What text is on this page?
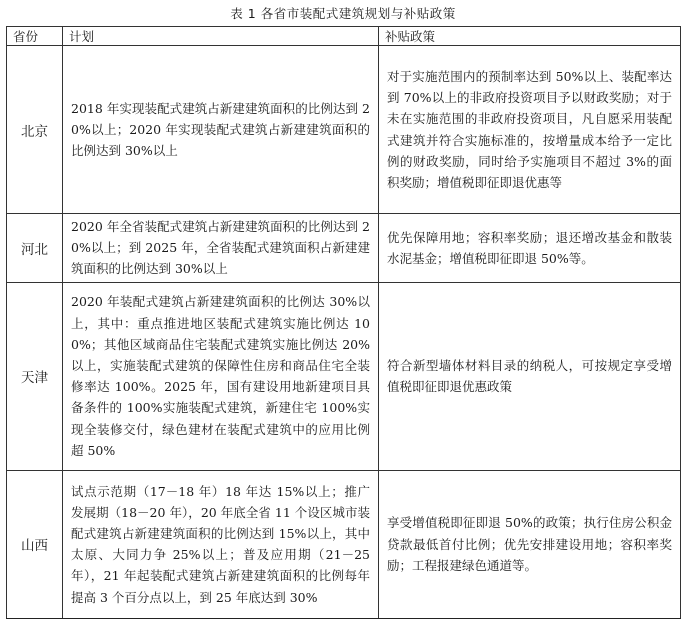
表 1 各省市装配式建筑规划与补贴政策
省份	计划	补贴政策
北京	2018 年实现装配式建筑占新建建筑面积的比例达到 20%以上；2020 年实现装配式建筑占新建建筑面积的比例达到 30%以上	对于实施范围内的预制率达到 50%以上、装配率达到 70%以上的非政府投资项目予以财政奖励；对于未在实施范围的非政府投资项目，凡自愿采用装配式建筑并符合实施标准的，按增量成本给予一定比例的财政奖励，同时给予实施项目不超过 3%的面积奖励；增值税即征即退优惠等
河北	2020 年全省装配式建筑占新建建筑面积的比例达到 20%以上；到 2025 年，全省装配式建筑面积占新建建筑面积的比例达到 30%以上	优先保障用地；容积率奖励；退还增改基金和散装水泥基金；增值税即征即退 50%等。
天津	2020 年装配式建筑占新建建筑面积的比例达 30%以上，其中：重点推进地区装配式建筑实施比例达 100%；其他区域商品住宅装配式建筑实施比例达 20%以上，实施装配式建筑的保障性住房和商品住宅全装修率达 100%。2025 年，国有建设用地新建项目具备条件的 100%实施装配式建筑，新建住宅 100%实现全装修交付，绿色建材在装配式建筑中的应用比例超 50%	符合新型墙体材料目录的纳税人，可按规定享受增值税即征即退优惠政策
山西	试点示范期（17－18 年）18 年达 15%以上；推广发展期（18－20 年），20 年底全省 11 个设区城市装配式建筑占新建建筑面积的比例达到 15%以上，其中太原、大同力争 25%以上；普及应用期（21－25 年），21 年起装配式建筑占新建建筑面积的比例每年提高 3 个百分点以上，到 25 年底达到 30%	享受增值税即征即退 50%的政策；执行住房公积金贷款最低首付比例；优先安排建设用地；容积率奖励；工程报建绿色通道等。
